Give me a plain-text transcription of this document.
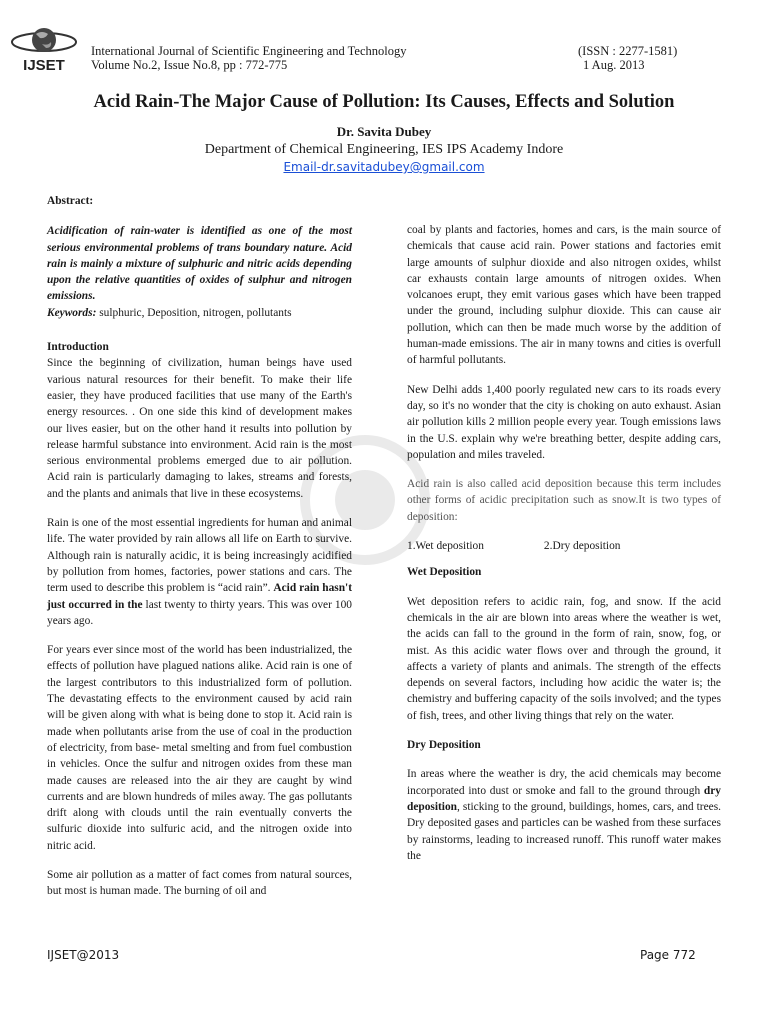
IJSET
International Journal of Scientific Engineering and Technology
Volume No.2, Issue No.8, pp : 772-775
(ISSN : 2277-1581)
1 Aug. 2013
Acid Rain-The Major Cause of Pollution: Its Causes, Effects and Solution
Dr. Savita Dubey
Department of Chemical Engineering, IES IPS Academy Indore
Email-dr.savitadubey@gmail.com

Abstract:

Acidification of rain-water is identified as one of the most serious environmental problems of trans boundary nature. Acid rain is mainly a mixture of sulphuric and nitric acids depending upon the relative quantities of oxides of sulphur and nitrogen emissions.

Keywords: sulphuric, Deposition, nitrogen, pollutants

Introduction

Since the beginning of civilization, human beings have used various natural resources for their benefit. To make their life easier, they have produced facilities that use many of the Earth's energy resources. . On one side this kind of development makes our lives easier, but on the other hand it results into pollution by release harmful substance into environment. Acid rain is the most serious environmental problems emerged due to air pollution. Acid rain is particularly damaging to lakes, streams and forests, and the plants and animals that live in these ecosystems.

Rain is one of the most essential ingredients for human and animal life. The water provided by rain allows all life on Earth to survive. Although rain is naturally acidic, it is being increasingly acidified by pollution from homes, factories, power stations and cars. The term used to describe this problem is “acid rain”. Acid rain hasn't just occurred in the last twenty to thirty years. This was over 100 years ago.

For years ever since most of the world has been industrialized, the effects of pollution have plagued nations alike. Acid rain is one of the largest contributors to this industrialized form of pollution. The devastating effects to the environment caused by acid rain will be given along with what is being done to stop it. Acid rain is made when pollutants arise from the use of coal in the production of electricity, from base- metal smelting and from fuel combustion in vehicles. Once the sulfur and nitrogen oxides from these man made causes are released into the air they are caught by wind currents and are blown hundreds of miles away. The gas pollutants drift along with clouds until the rain eventually converts the sulfuric dioxide into sulfuric acid, and the nitrogen oxide into nitric acid.

Some air pollution as a matter of fact comes from natural sources, but most is human made. The burning of oil and

coal by plants and factories, homes and cars, is the main source of chemicals that cause acid rain. Power stations and factories emit large amounts of sulphur dioxide and also nitrogen oxides, whilst car exhausts contain large amounts of nitrogen oxides. When volcanoes erupt, they emit various gases which have been trapped under the ground, including sulphur dioxide. This can cause air pollution, which can then be made much worse by the addition of human-made emissions. The air in many towns and cities is overfull of harmful pollutants.

New Delhi adds 1,400 poorly regulated new cars to its roads every day, so it's no wonder that the city is choking on auto exhaust. Asian air pollution kills 2 million people every year. Tough emissions laws in the U.S. explain why we're breathing better, despite adding cars, population and miles traveled.

Acid rain is also called acid deposition because this term includes other forms of acidic precipitation such as snow.It is two types of deposition:

1.Wet deposition	2.Dry deposition

Wet Deposition

Wet deposition refers to acidic rain, fog, and snow. If the acid chemicals in the air are blown into areas where the weather is wet, the acids can fall to the ground in the form of rain, snow, fog, or mist. As this acidic water flows over and through the ground, it affects a variety of plants and animals. The strength of the effects depends on several factors, including how acidic the water is; the chemistry and buffering capacity of the soils involved; and the types of fish, trees, and other living things that rely on the water.

Dry Deposition

In areas where the weather is dry, the acid chemicals may become incorporated into dust or smoke and fall to the ground through dry deposition, sticking to the ground, buildings, homes, cars, and trees. Dry deposited gases and particles can be washed from these surfaces by rainstorms, leading to increased runoff. This runoff water makes the

IJSET@2013	Page 772
